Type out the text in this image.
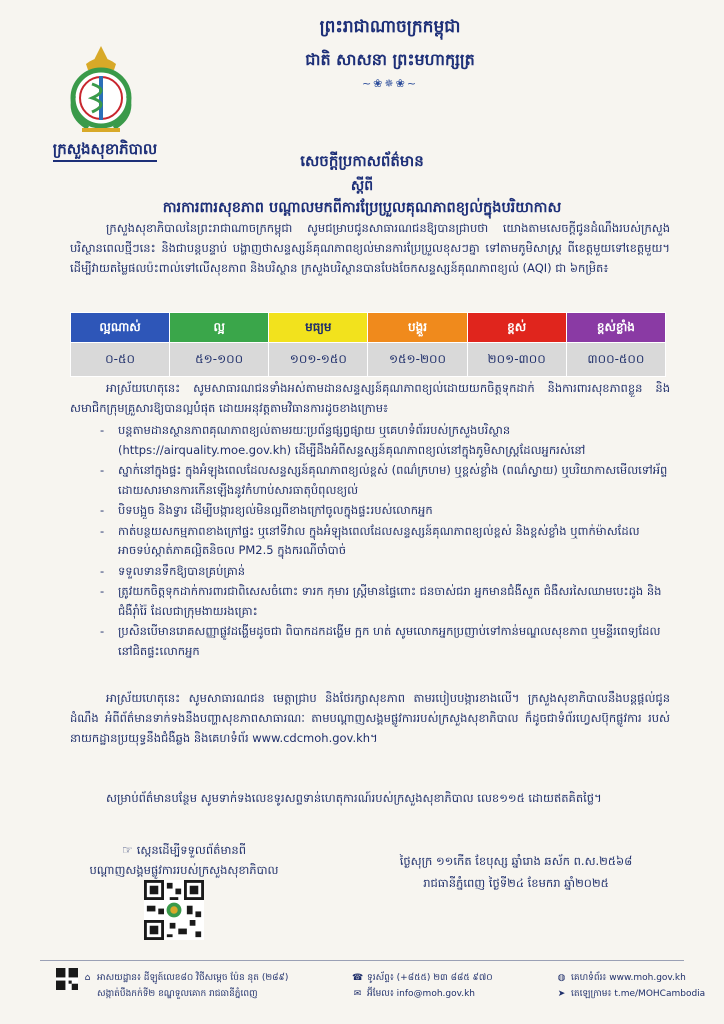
ក្រសួងសុខាភិបាល
ព្រះរាជាណាចក្រកម្ពុជា
ជាតិ សាសនា ព្រះមហាក្សត្រ
~❀✵❀~
សេចក្តីប្រកាសព័ត៌មាន
ស្តីពី
ការការពារសុខភាព បណ្តាលមកពីការប្រែប្រួលគុណភាពខ្យល់ក្នុងបរិយាកាស

ក្រសួងសុខាភិបាលនៃព្រះរាជាណាចក្រកម្ពុជា សូមជម្រាបជូនសាធារណជនឱ្យបានជ្រាបថា យោងតាមសេចក្តីជូនដំណឹងរបស់ក្រសួងបរិស្ថានពេលថ្មីៗនេះ និងជាបន្តបន្ទាប់ បង្ហាញថាសន្ទស្សន៍គុណភាពខ្យល់មានការប្រែប្រួលខុសៗគ្នា ទៅតាមភូមិសាស្ត្រ ពីខេត្តមួយទៅខេត្តមួយ។ ដើម្បីវាយតម្លៃផលប៉ះពាល់ទៅលើសុខភាព និងបរិស្ថាន ក្រសួងបរិស្ថានបានបែងចែកសន្ទស្សន៍គុណភាពខ្យល់ (AQI) ជា ៦កម្រិត៖

ល្អណាស់	ល្អ	មធ្យម	បង្គួរ	ខ្ពស់	ខ្ពស់ខ្លាំង
០-៥០	៥១-១០០	១០១-១៥០	១៥១-២០០	២០១-៣០០	៣០០-៥០០

អាស្រ័យហេតុនេះ សូមសាធារណជនទាំងអស់តាមដានសន្ទស្សន៍គុណភាពខ្យល់ដោយយកចិត្តទុកដាក់ និងការពារសុខភាពខ្លួន និងសមាជិកក្រុមគ្រួសារឱ្យបានល្អបំផុត ដោយអនុវត្តតាមវិធានការដូចខាងក្រោម៖

- បន្តតាមដានស្ថានភាពគុណភាពខ្យល់តាមរយៈប្រព័ន្ធផ្សព្វផ្សាយ ឬគេហទំព័ររបស់ក្រសួងបរិស្ថាន (https://airquality.moe.gov.kh) ដើម្បីដឹងអំពីសន្ទស្សន៍គុណភាពខ្យល់នៅក្នុងភូមិសាស្ត្រដែលអ្នករស់នៅ
- ស្នាក់នៅក្នុងផ្ទះ ក្នុងអំឡុងពេលដែលសន្ទស្សន៍គុណភាពខ្យល់ខ្ពស់ (ពណ៌ក្រហម) ឬខ្ពស់ខ្លាំង (ពណ៌ស្វាយ) ឬបរិយាកាសមើលទៅអ័ព្ទដោយសារមានការកើនឡើងនូវកំហាប់សារធាតុបំពុលខ្យល់
- បិទបង្អួច និងទ្វារ ដើម្បីបង្ការខ្យល់មិនល្អពីខាងក្រៅចូលក្នុងផ្ទះរបស់លោកអ្នក
- កាត់បន្ថយសកម្មភាពខាងក្រៅផ្ទះ ឬនៅទីវាល ក្នុងអំឡុងពេលដែលសន្ទស្សន៍គុណភាពខ្យល់ខ្ពស់ និងខ្ពស់ខ្លាំង ឬពាក់ម៉ាសដែលអាចទប់ស្កាត់ភាគល្អិតនិចល PM2.5 ក្នុងករណីចាំបាច់
- ទទួលទានទឹកឱ្យបានគ្រប់គ្រាន់
- ត្រូវយកចិត្តទុកដាក់ការពារជាពិសេសចំពោះ ទារក កុមារ ស្ត្រីមានផ្ទៃពោះ ជនចាស់ជរា អ្នកមានជំងឺសួត ជំងឺសរសៃឈាមបេះដូង និងជំងឺរ៉ាំរ៉ៃ ដែលជាក្រុមងាយរងគ្រោះ
- ប្រសិនបើមានរោគសញ្ញាផ្លូវដង្ហើមដូចជា ពិបាកដកដង្ហើម ក្អក ហត់ សូមលោកអ្នកប្រញាប់ទៅកាន់មណ្ឌលសុខភាព ឬមន្ទីរពេទ្យដែលនៅជិតផ្ទះលោកអ្នក

អាស្រ័យហេតុនេះ សូមសាធារណជន មេត្តាជ្រាប និងថែរក្សាសុខភាព តាមរបៀបបង្ការខាងលើ។ ក្រសួងសុខាភិបាលនឹងបន្តផ្តល់ជូនដំណឹង អំពីព័ត៌មានទាក់ទងនឹងបញ្ហាសុខភាពសាធារណៈ តាមបណ្តាញសង្គមផ្លូវការរបស់ក្រសួងសុខាភិបាល ក៏ដូចជាទំព័រហ្វេសប៊ុកផ្លូវការ របស់នាយកដ្ឋានប្រយុទ្ធនឹងជំងឺឆ្លង និងគេហទំព័រ www.cdcmoh.gov.kh។

សម្រាប់ព័ត៌មានបន្ថែម សូមទាក់ទងលេខទូរសព្ទទាន់ហេតុការណ៍របស់ក្រសួងសុខាភិបាល លេខ១១៥ ដោយឥតគិតថ្លៃ។

☞ ស្កេនដើម្បីទទួលព័ត៌មានពី
បណ្តាញសង្គមផ្លូវការរបស់ក្រសួងសុខាភិបាល
ថ្ងៃសុក្រ ១១កេីត ខែបុស្ស ឆ្នាំរោង ឆស័ក ព.ស.២៥៦៨
រាជធានីភ្នំពេញ ថ្ងៃទី២៤ ខែមករា ឆ្នាំ២០២៥
⌂ អាសយដ្ឋាន៖ ដីឡូត៍លេខ៨០ វិថីសម្តេច ប៉ែន នុត (២៨៩)
សង្កាត់បឹងកក់ទី២ ខណ្ឌទួលគោក រាជធានីភ្នំពេញ
☎ ទូរស័ព្ទ៖ (+៨៥៥) ២៣ ៨៨៥ ៩៧០
✉ អ៊ីមែល៖ info@moh.gov.kh
◍ គេហទំព័រ៖ www.moh.gov.kh
➤ តេឡេក្រាម៖ t.me/MOHCambodia
